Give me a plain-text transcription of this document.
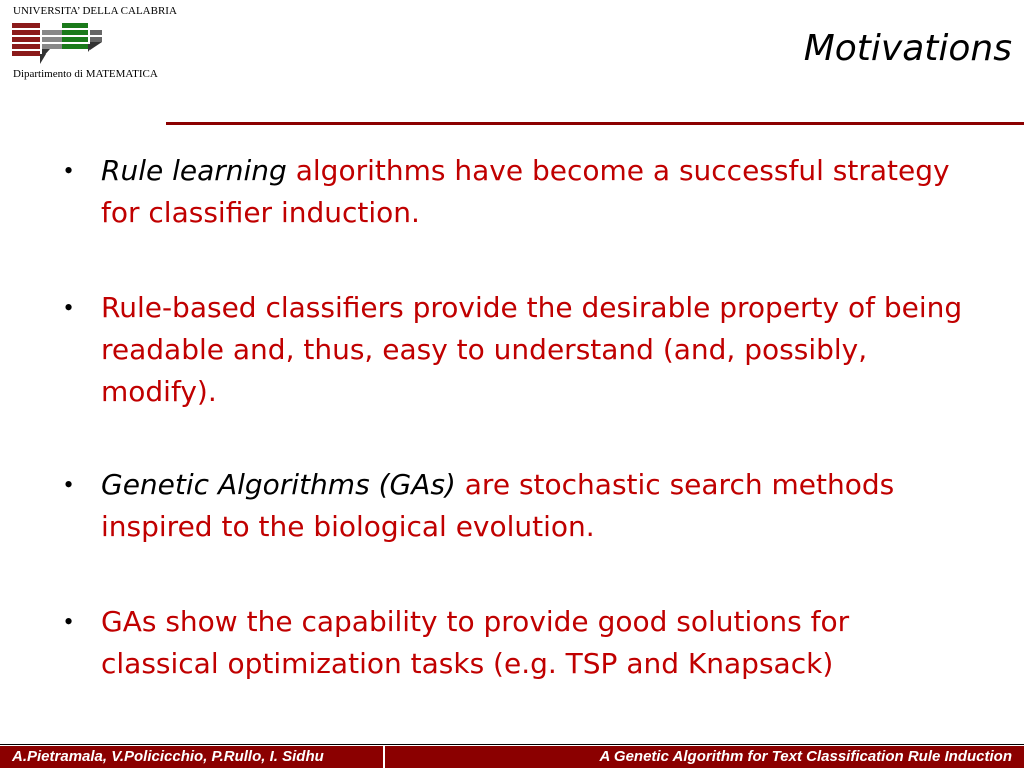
UNIVERSITA’ DELLA CALABRIA
Dipartimento di MATEMATICA
Motivations
• Rule learning algorithms have become a successful strategy for classifier induction.
• Rule-based classifiers provide the desirable property of being readable and, thus, easy to understand (and, possibly, modify).
• Genetic Algorithms (GAs) are stochastic search methods inspired to the biological evolution.
• GAs show the capability to provide good solutions for classical optimization tasks (e.g. TSP and Knapsack)
A.Pietramala, V.Policicchio, P.Rullo, I. Sidhu	A Genetic Algorithm for Text Classification Rule Induction
